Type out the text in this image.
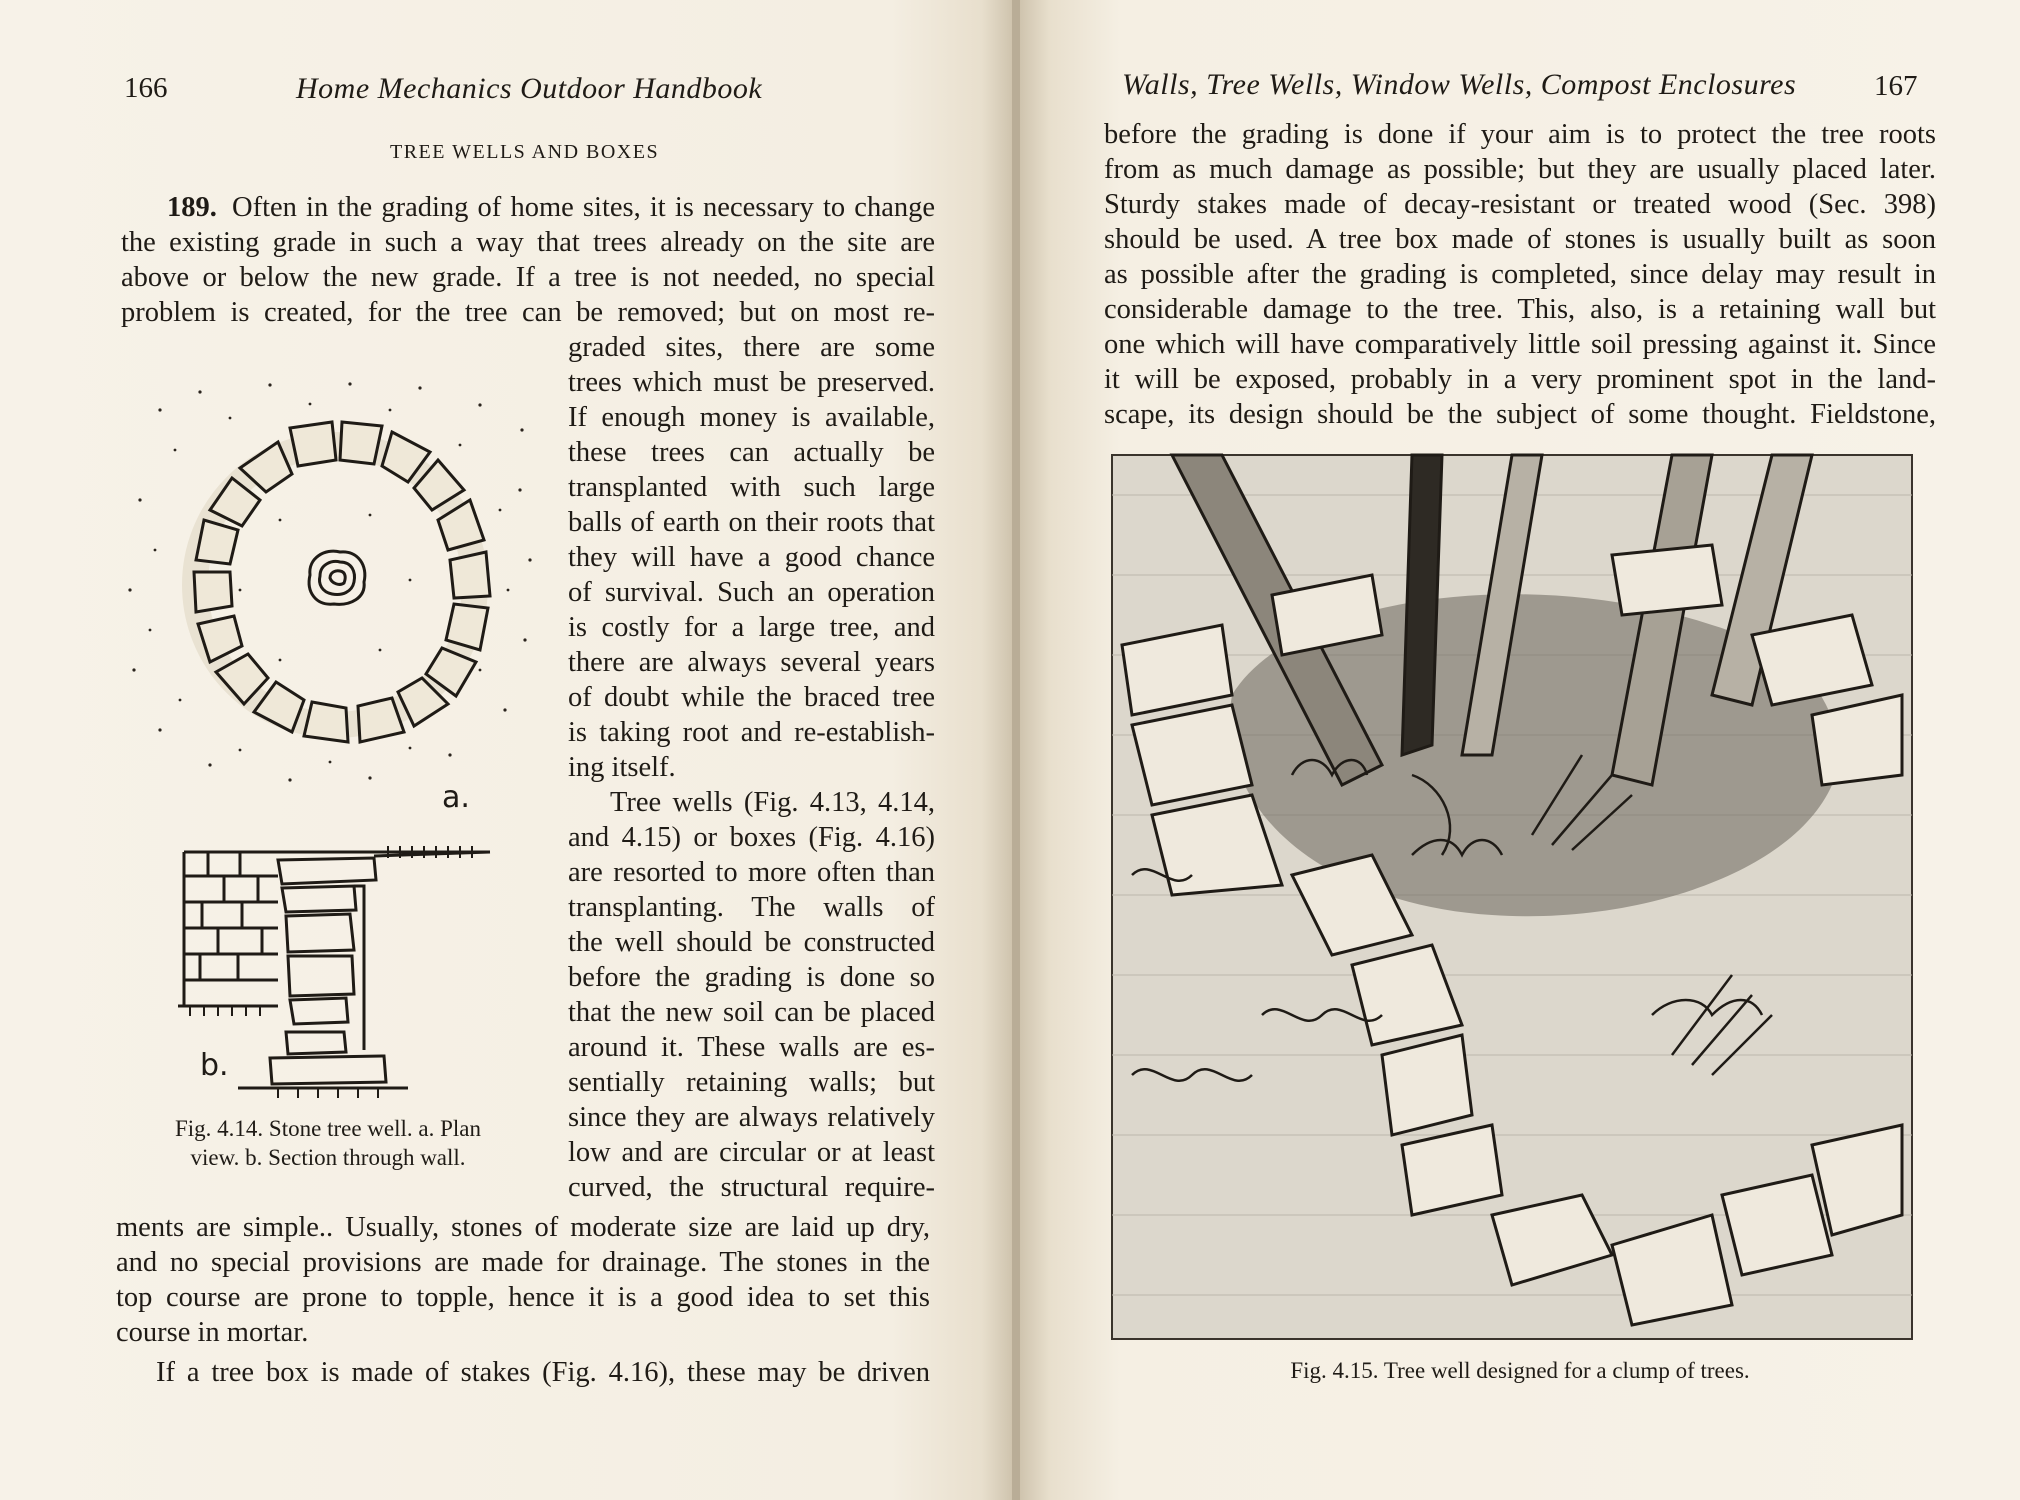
166	Home Mechanics Outdoor Handbook
TREE WELLS AND BOXES
189. Often in the grading of home sites, it is necessary to change
the existing grade in such a way that trees already on the site are
above or below the new grade. If a tree is not needed, no special
problem is created, for the tree can be removed; but on most re-
graded sites, there are some
trees which must be preserved.
If enough money is available,
these trees can actually be
transplanted with such large
balls of earth on their roots that
they will have a good chance
of survival. Such an operation
is costly for a large tree, and
there are always several years
of doubt while the braced tree
is taking root and re-establish-
ing itself.
Tree wells (Fig. 4.13, 4.14,
and 4.15) or boxes (Fig. 4.16)
are resorted to more often than
transplanting. The walls of
the well should be constructed
before the grading is done so
that the new soil can be placed
around it. These walls are es-
sentially retaining walls; but
since they are always relatively
low and are circular or at least
curved, the structural require-
ments are simple.. Usually, stones of moderate size are laid up dry,
and no special provisions are made for drainage. The stones in the
top course are prone to topple, hence it is a good idea to set this
course in mortar.
If a tree box is made of stakes (Fig. 4.16), these may be driven
a.
b.
Fig. 4.14. Stone tree well. a. Plan
view. b. Section through wall.
Walls, Tree Wells, Window Wells, Compost Enclosures	167
before the grading is done if your aim is to protect the tree roots
from as much damage as possible; but they are usually placed later.
Sturdy stakes made of decay-resistant or treated wood (Sec. 398)
should be used. A tree box made of stones is usually built as soon
as possible after the grading is completed, since delay may result in
considerable damage to the tree. This, also, is a retaining wall but
one which will have comparatively little soil pressing against it. Since
it will be exposed, probably in a very prominent spot in the land-
scape, its design should be the subject of some thought. Fieldstone,
Fig. 4.15. Tree well designed for a clump of trees.
